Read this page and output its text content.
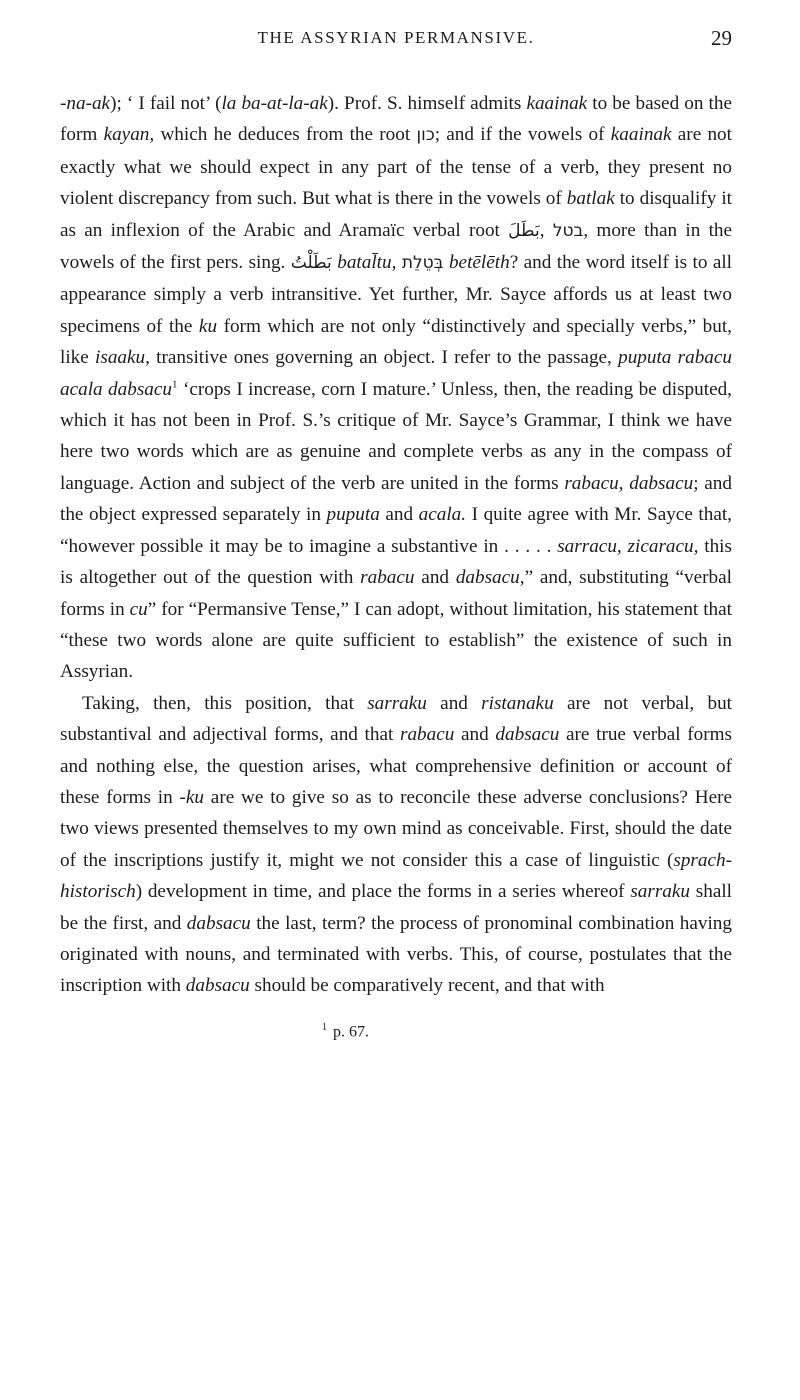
THE ASSYRIAN PERMANSIVE.	29

-na-ak); ‘ I fail not’ (la ba-at-la-ak). Prof. S. himself admits kaainak to be based on the form kayan, which he deduces from the root כון; and if the vowels of kaainak are not exactly what we should expect in any part of the tense of a verb, they present no violent discrepancy from such. But what is there in the vowels of batlak to disqualify it as an inflexion of the Arabic and Aramaïc verbal root بَطَلَ, בטל, more than in the vowels of the first pers. sing. بَطَلْتُ batal̄tu, בְּטֵלֵת betēlēth? and the word itself is to all appearance simply a verb intransitive. Yet further, Mr. Sayce affords us at least two specimens of the ku form which are not only “distinctively and specially verbs,” but, like isaaku, transitive ones governing an object. I refer to the passage, puputa rabacu acala dabsacu$^1$ ‘crops I increase, corn I mature.’ Unless, then, the reading be disputed, which it has not been in Prof. S.’s critique of Mr. Sayce’s Grammar, I think we have here two words which are as genuine and complete verbs as any in the compass of language. Action and subject of the verb are united in the forms rabacu, dabsacu; and the object expressed separately in puputa and acala. I quite agree with Mr. Sayce that, “however possible it may be to imagine a substantive in . . . . . sarracu, zicaracu, this is altogether out of the question with rabacu and dabsacu,” and, substituting “verbal forms in cu” for “Permansive Tense,” I can adopt, without limitation, his statement that “these two words alone are quite sufficient to establish” the existence of such in Assyrian.

Taking, then, this position, that sarraku and ristanaku are not verbal, but substantival and adjectival forms, and that rabacu and dabsacu are true verbal forms and nothing else, the question arises, what comprehensive definition or account of these forms in -ku are we to give so as to reconcile these adverse conclusions? Here two views presented themselves to my own mind as conceivable. First, should the date of the inscriptions justify it, might we not consider this a case of linguistic (sprach-historisch) development in time, and place the forms in a series whereof sarraku shall be the first, and dabsacu the last, term? the process of pronominal combination having originated with nouns, and terminated with verbs. This, of course, postulates that the inscription with dabsacu should be comparatively recent, and that with

$^1$ p. 67.
